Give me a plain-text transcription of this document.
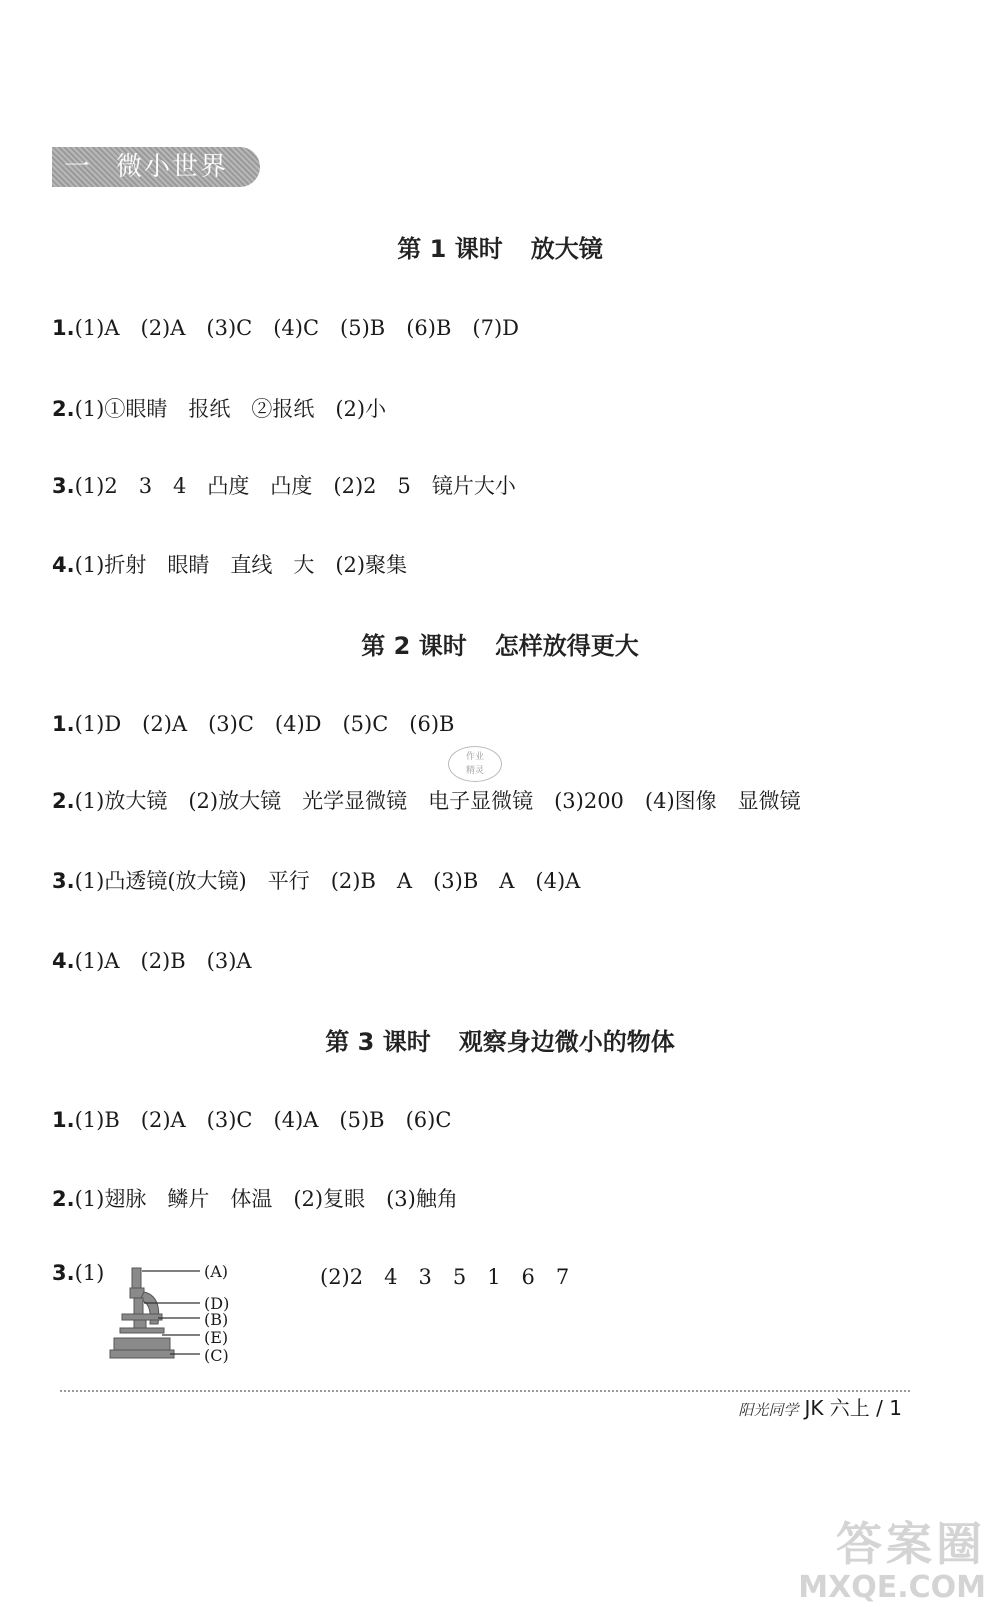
一 微小世界
第 1 课时 放大镜
1.(1)A　(2)A　(3)C　(4)C　(5)B　(6)B　(7)D
2.(1)①眼睛　报纸　②报纸　(2)小
3.(1)2　3　4　凸度　凸度　(2)2　5　镜片大小
4.(1)折射　眼睛　直线　大　(2)聚集
第 2 课时 怎样放得更大
1.(1)D　(2)A　(3)C　(4)D　(5)C　(6)B
2.(1)放大镜　(2)放大镜　光学显微镜　电子显微镜　(3)200　(4)图像　显微镜
3.(1)凸透镜(放大镜)　平行　(2)B　A　(3)B　A　(4)A
4.(1)A　(2)B　(3)A
作业
精灵
第 3 课时 观察身边微小的物体
1.(1)B　(2)A　(3)C　(4)A　(5)B　(6)C
2.(1)翅脉　鳞片　体温　(2)复眼　(3)触角
3.(1)	(A)
(D)
(B)
(E)
(C)
(2)2　4　3　5　1　6　7
阳光同学 JK 六上 / 1
答案圈
MXQE.COM
